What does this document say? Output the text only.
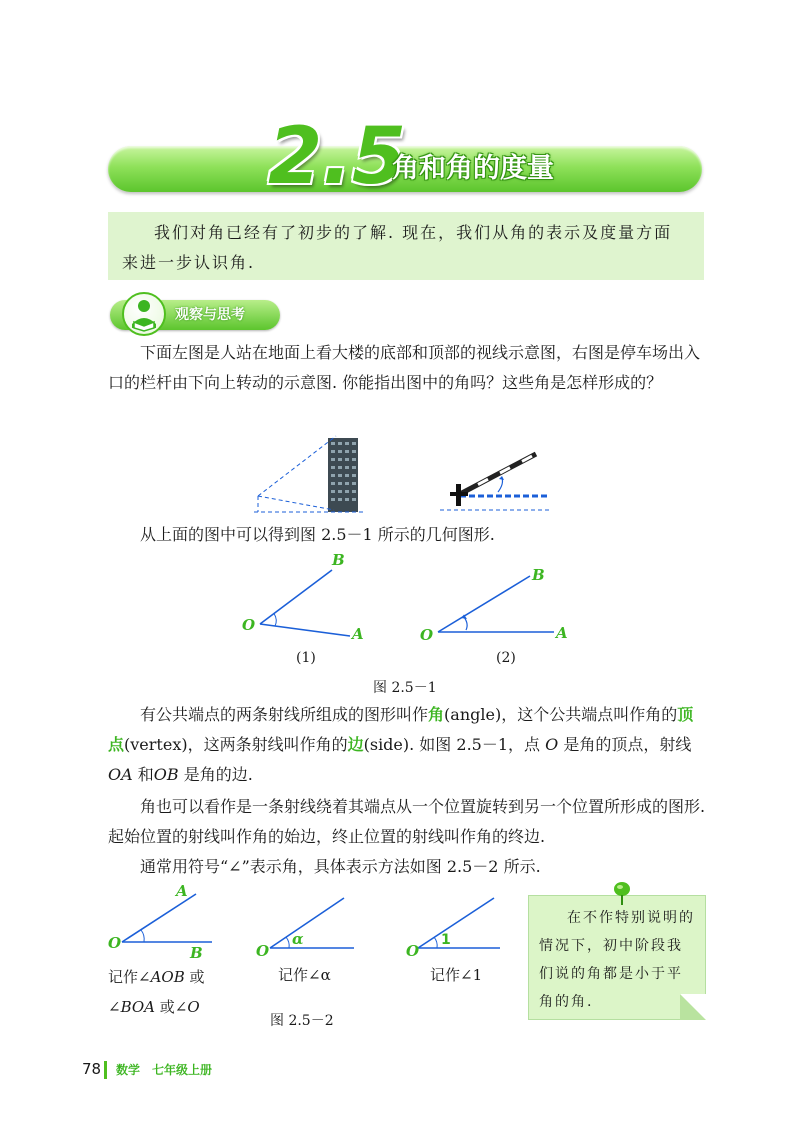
2.5
角和角的度量
我们对角已经有了初步的了解. 现在，我们从角的表示及度量方面来进一步认识角.
观察与思考
下面左图是人站在地面上看大楼的底部和顶部的视线示意图，右图是停车场出入口的栏杆由下向上转动的示意图. 你能指出图中的角吗？这些角是怎样形成的？
从上面的图中可以得到图 2.5－1 所示的几何图形.
B
O	A
(1)
B
O	A
(2)
图 2.5－1
有公共端点的两条射线所组成的图形叫作角(angle)，这个公共端点叫作角的顶点(vertex)，这两条射线叫作角的边(side). 如图 2.5－1，点 O 是角的顶点，射线 OA 和OB 是角的边.
角也可以看作是一条射线绕着其端点从一个位置旋转到另一个位置所形成的图形. 起始位置的射线叫作角的始边，终止位置的射线叫作角的终边.
通常用符号“∠”表示角，具体表示方法如图 2.5－2 所示.
A
O
B
记作∠AOB 或
∠BOA 或∠O
α
O
记作∠α
1
O
记作∠1
图 2.5－2
在不作特别说明的情况下，初中阶段我们说的角都是小于平角的角.
78 数学　七年级上册
